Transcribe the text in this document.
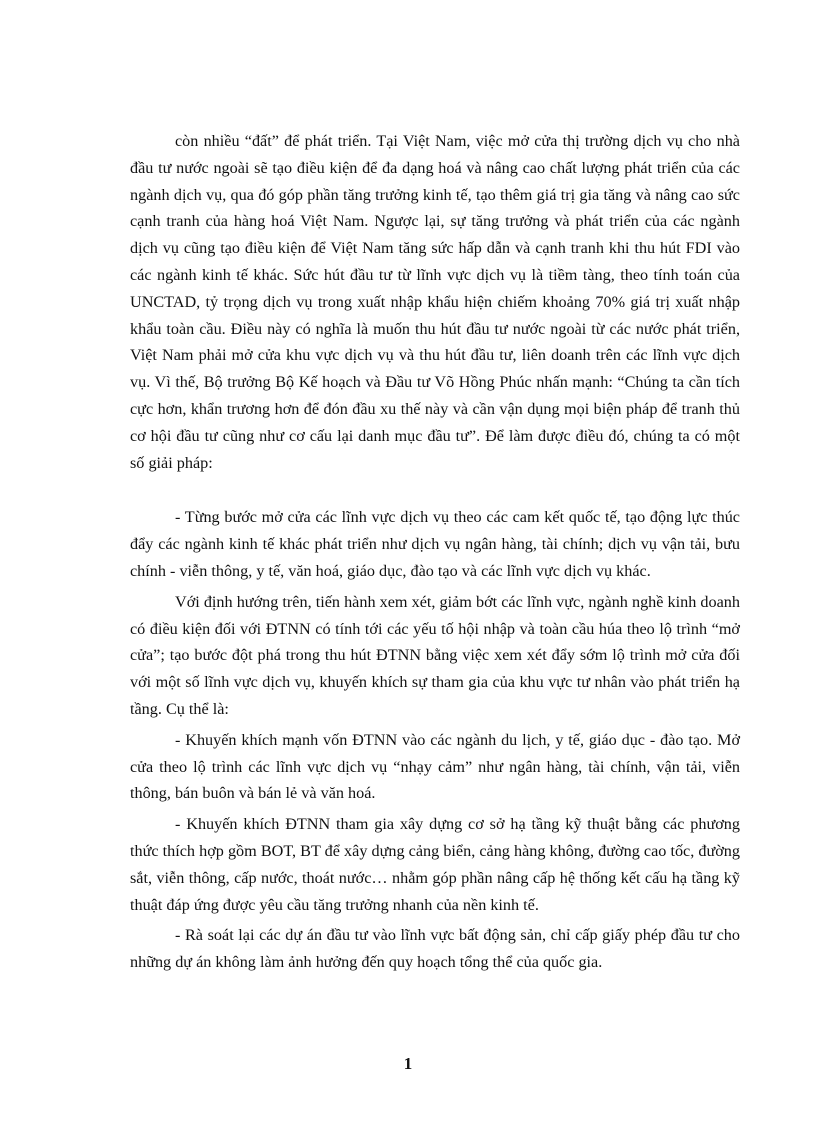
còn nhiều “đất” để phát triển. Tại Việt Nam, việc mở cửa thị trường dịch vụ cho nhà đầu tư nước ngoài sẽ tạo điều kiện để đa dạng hoá và nâng cao chất lượng phát triển của các ngành dịch vụ, qua đó góp phần tăng trưởng kinh tế, tạo thêm giá trị gia tăng và nâng cao sức cạnh tranh của hàng hoá Việt Nam. Ngược lại, sự tăng trưởng và phát triển của các ngành dịch vụ cũng tạo điều kiện để Việt Nam tăng sức hấp dẫn và cạnh tranh khi thu hút FDI vào các ngành kinh tế khác. Sức hút đầu tư từ lĩnh vực dịch vụ là tiềm tàng, theo tính toán của UNCTAD, tỷ trọng dịch vụ trong xuất nhập khẩu hiện chiếm khoảng 70% giá trị xuất nhập khẩu toàn cầu. Điều này có nghĩa là muốn thu hút đầu tư nước ngoài từ các nước phát triển, Việt Nam phải mở cửa khu vực dịch vụ và thu hút đầu tư, liên doanh trên các lĩnh vực dịch vụ. Vì thế, Bộ trưởng Bộ Kế hoạch và Đầu tư Võ Hồng Phúc nhấn mạnh: “Chúng ta cần tích cực hơn, khẩn trương hơn để đón đầu xu thế này và cần vận dụng mọi biện pháp để tranh thủ cơ hội đầu tư cũng như cơ cấu lại danh mục đầu tư”. Để làm được điều đó, chúng ta có một số giải pháp:

- Từng bước mở cửa các lĩnh vực dịch vụ theo các cam kết quốc tế, tạo động lực thúc đẩy các ngành kinh tế khác phát triển như dịch vụ ngân hàng, tài chính; dịch vụ vận tải, bưu chính - viễn thông, y tế, văn hoá, giáo dục, đào tạo và các lĩnh vực dịch vụ khác.

Với định hướng trên, tiến hành xem xét, giảm bớt các lĩnh vực, ngành nghề kinh doanh có điều kiện đối với ĐTNN có tính tới các yếu tố hội nhập và toàn cầu húa theo lộ trình “mở cửa”; tạo bước đột phá trong thu hút ĐTNN bằng việc xem xét đẩy sớm lộ trình mở cửa đối với một số lĩnh vực dịch vụ, khuyến khích sự tham gia của khu vực tư nhân vào phát triển hạ tầng. Cụ thể là:

- Khuyến khích mạnh vốn ĐTNN vào các ngành du lịch, y tế, giáo dục - đào tạo. Mở cửa theo lộ trình các lĩnh vực dịch vụ “nhạy cảm” như ngân hàng, tài chính, vận tải, viễn thông, bán buôn và bán lẻ và văn hoá.

- Khuyến khích ĐTNN tham gia xây dựng cơ sở hạ tầng kỹ thuật bằng các phương thức thích hợp gồm BOT, BT để xây dựng cảng biển, cảng hàng không, đường cao tốc, đường sắt, viễn thông, cấp nước, thoát nước… nhằm góp phần nâng cấp hệ thống kết cấu hạ tầng kỹ thuật đáp ứng được yêu cầu tăng trưởng nhanh của nền kinh tế.

- Rà soát lại các dự án đầu tư vào lĩnh vực bất động sản, chỉ cấp giấy phép đầu tư cho những dự án không làm ảnh hưởng đến quy hoạch tổng thể của quốc gia.

1
